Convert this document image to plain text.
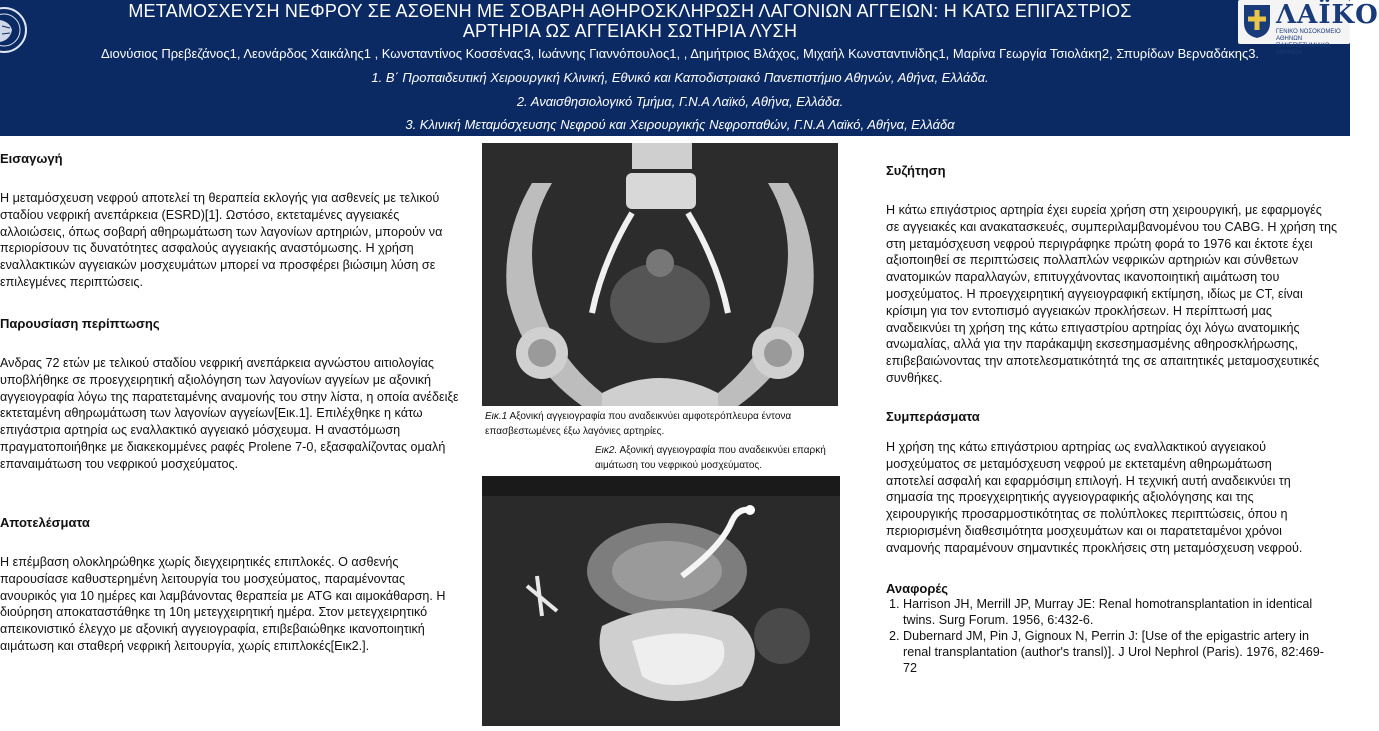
ΜΕΤΑΜΟΣΧΕΥΣΗ ΝΕΦΡΟΥ ΣΕ ΑΣΘΕΝΗ ΜΕ ΣΟΒΑΡΗ ΑΘΗΡΟΣΚΛΗΡΩΣΗ ΛΑΓΟΝΙΩΝ ΑΓΓΕΙΩΝ: Η ΚΑΤΩ ΕΠΙΓΑΣΤΡΙΟΣ ΑΡΤΗΡΙΑ ΩΣ ΑΓΓΕΙΑΚΗ ΣΩΤΗΡΙΑ ΛΥΣΗ
Διονύσιος Πρεβεζάνος1, Λεονάρδος Χαικάλης1 , Κωνσταντίνος Κοσσένας3, Ιωάννης Γιαννόπουλος1, , Δημήτριος Βλάχος, Μιχαήλ Κωνσταντινίδης1, Μαρίνα Γεωργία Τσιολάκη2, Σπυρίδων Βερναδάκης3.
1. Β΄ Προπαιδευτική Χειρουργική Κλινική, Εθνικό και Καποδιστριακό Πανεπιστήμιο Αθηνών, Αθήνα, Ελλάδα.
2. Αναισθησιολογικό Τμήμα, Γ.Ν.Α Λαϊκό, Αθήνα, Ελλάδα.
3. Κλινική Μεταμόσχευσης Νεφρού και Χειρουργικής Νεφροπαθών, Γ.Ν.Α Λαϊκό, Αθήνα, Ελλάδα
ΛΑΪΚΟ
ΓΕΝΙΚΟ ΝΟΣΟΚΟΜΕΙΟ ΑΘΗΝΩΝ ΠΑΝΕΠΙΣΤΗΜΙΑΚΟ ΑΘΗΝΩΝ
Εισαγωγή
Η μεταμόσχευση νεφρού αποτελεί τη θεραπεία εκλογής για ασθενείς με τελικού σταδίου νεφρική ανεπάρκεια (ESRD)[1]. Ωστόσο, εκτεταμένες αγγειακές αλλοιώσεις, όπως σοβαρή αθηρωμάτωση των λαγονίων αρτηριών, μπορούν να περιορίσουν τις δυνατότητες ασφαλούς αγγειακής αναστόμωσης. Η χρήση εναλλακτικών αγγειακών μοσχευμάτων μπορεί να προσφέρει βιώσιμη λύση σε επιλεγμένες περιπτώσεις.
Παρουσίαση περίπτωσης
Ανδρας 72 ετών με τελικού σταδίου νεφρική ανεπάρκεια αγνώστου αιτιολογίας υποβλήθηκε σε προεγχειρητική αξιολόγηση των λαγονίων αγγείων με αξονική αγγειογραφία λόγω της παρατεταμένης αναμονής του στην λίστα, η οποία ανέδειξε εκτεταμένη αθηρωμάτωση των λαγονίων αγγείων[Εικ.1]. Επιλέχθηκε η κάτω επιγάστρια αρτηρία ως εναλλακτικό αγγειακό μόσχευμα. Η αναστόμωση πραγματοποιήθηκε με διακεκομμένες ραφές Prolene 7-0, εξασφαλίζοντας ομαλή επαναιμάτωση του νεφρικού μοσχεύματος.
Αποτελέσματα
Η επέμβαση ολοκληρώθηκε χωρίς διεγχειρητικές επιπλοκές. Ο ασθενής παρουσίασε καθυστερημένη λειτουργία του μοσχεύματος, παραμένοντας ανουρικός για 10 ημέρες και λαμβάνοντας θεραπεία με ATG και αιμοκάθαρση. Η διούρηση αποκαταστάθηκε τη 10η μετεγχειρητική ημέρα. Στον μετεγχειρητικό απεικονιστικό έλεγχο με αξονική αγγειογραφία, επιβεβαιώθηκε ικανοποιητική αιμάτωση και σταθερή νεφρική λειτουργία, χωρίς επιπλοκές[Εικ2.].
Εικ.1 Αξονική αγγειογραφία που αναδεικνύει αμφοτερόπλευρα έντονα επασβεστωμένες έξω λαγόνιες αρτηρίες.
Εικ2. Αξονική αγγειογραφία που αναδεικνύει επαρκή αιμάτωση του νεφρικού μοσχεύματος.
Συζήτηση
Η κάτω επιγάστριος αρτηρία έχει ευρεία χρήση στη χειρουργική, με εφαρμογές σε αγγειακές και ανακατασκευές, συμπεριλαμβανομένου του CABG. Η χρήση της στη μεταμόσχευση νεφρού περιγράφηκε πρώτη φορά το 1976 και έκτοτε έχει αξιοποιηθεί σε περιπτώσεις πολλαπλών νεφρικών αρτηριών και σύνθετων ανατομικών παραλλαγών, επιτυγχάνοντας ικανοποιητική αιμάτωση του μοσχεύματος. Η προεγχειρητική αγγειογραφική εκτίμηση, ιδίως με CT, είναι κρίσιμη για τον εντοπισμό αγγειακών προκλήσεων. Η περίπτωσή μας αναδεικνύει τη χρήση της κάτω επιγαστρίου αρτηρίας όχι λόγω ανατομικής ανωμαλίας, αλλά για την παράκαμψη εκσεσημασμένης αθηροσκλήρωσης, επιβεβαιώνοντας την αποτελεσματικότητά της σε απαιτητικές μεταμοσχευτικές συνθήκες.
Συμπεράσματα
Η χρήση της κάτω επιγάστριου αρτηρίας ως εναλλακτικού αγγειακού μοσχεύματος σε μεταμόσχευση νεφρού με εκτεταμένη αθηρωμάτωση αποτελεί ασφαλή και εφαρμόσιμη επιλογή. Η τεχνική αυτή αναδεικνύει τη σημασία της προεγχειρητικής αγγειογραφικής αξιολόγησης και της χειρουργικής προσαρμοστικότητας σε πολύπλοκες περιπτώσεις, όπου η περιορισμένη διαθεσιμότητα μοσχευμάτων και οι παρατεταμένοι χρόνοι αναμονής παραμένουν σημαντικές προκλήσεις στη μεταμόσχευση νεφρού.
Αναφορές
1. Harrison JH, Merrill JP, Murray JE: Renal homotransplantation in identical twins. Surg Forum. 1956, 6:432-6.
2. Dubernard JM, Pin J, Gignoux N, Perrin J: [Use of the epigastric artery in renal transplantation (author's transl)]. J Urol Nephrol (Paris). 1976, 82:469-72
